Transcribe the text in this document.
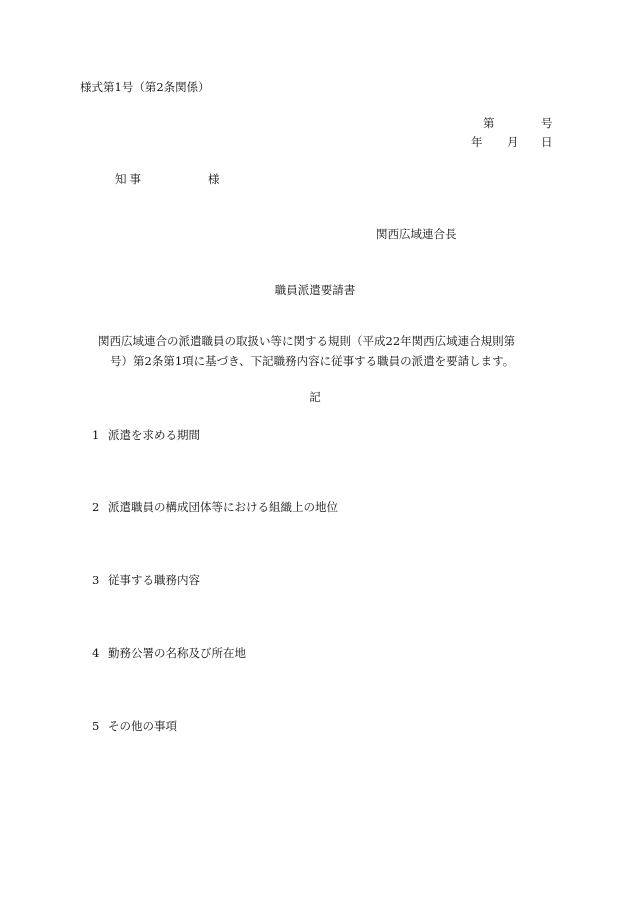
様式第1号（第2条関係）
第	号
年 月 日
知事	様
関西広域連合長
職員派遣要請書
関西広域連合の派遣職員の取扱い等に関する規則（平成22年関西広域連合規則第
号）第2条第1項に基づき、下記職務内容に従事する職員の派遣を要請します。
記
1 派遣を求める期間
2 派遣職員の構成団体等における組織上の地位
3 従事する職務内容
4 勤務公署の名称及び所在地
5 その他の事項
